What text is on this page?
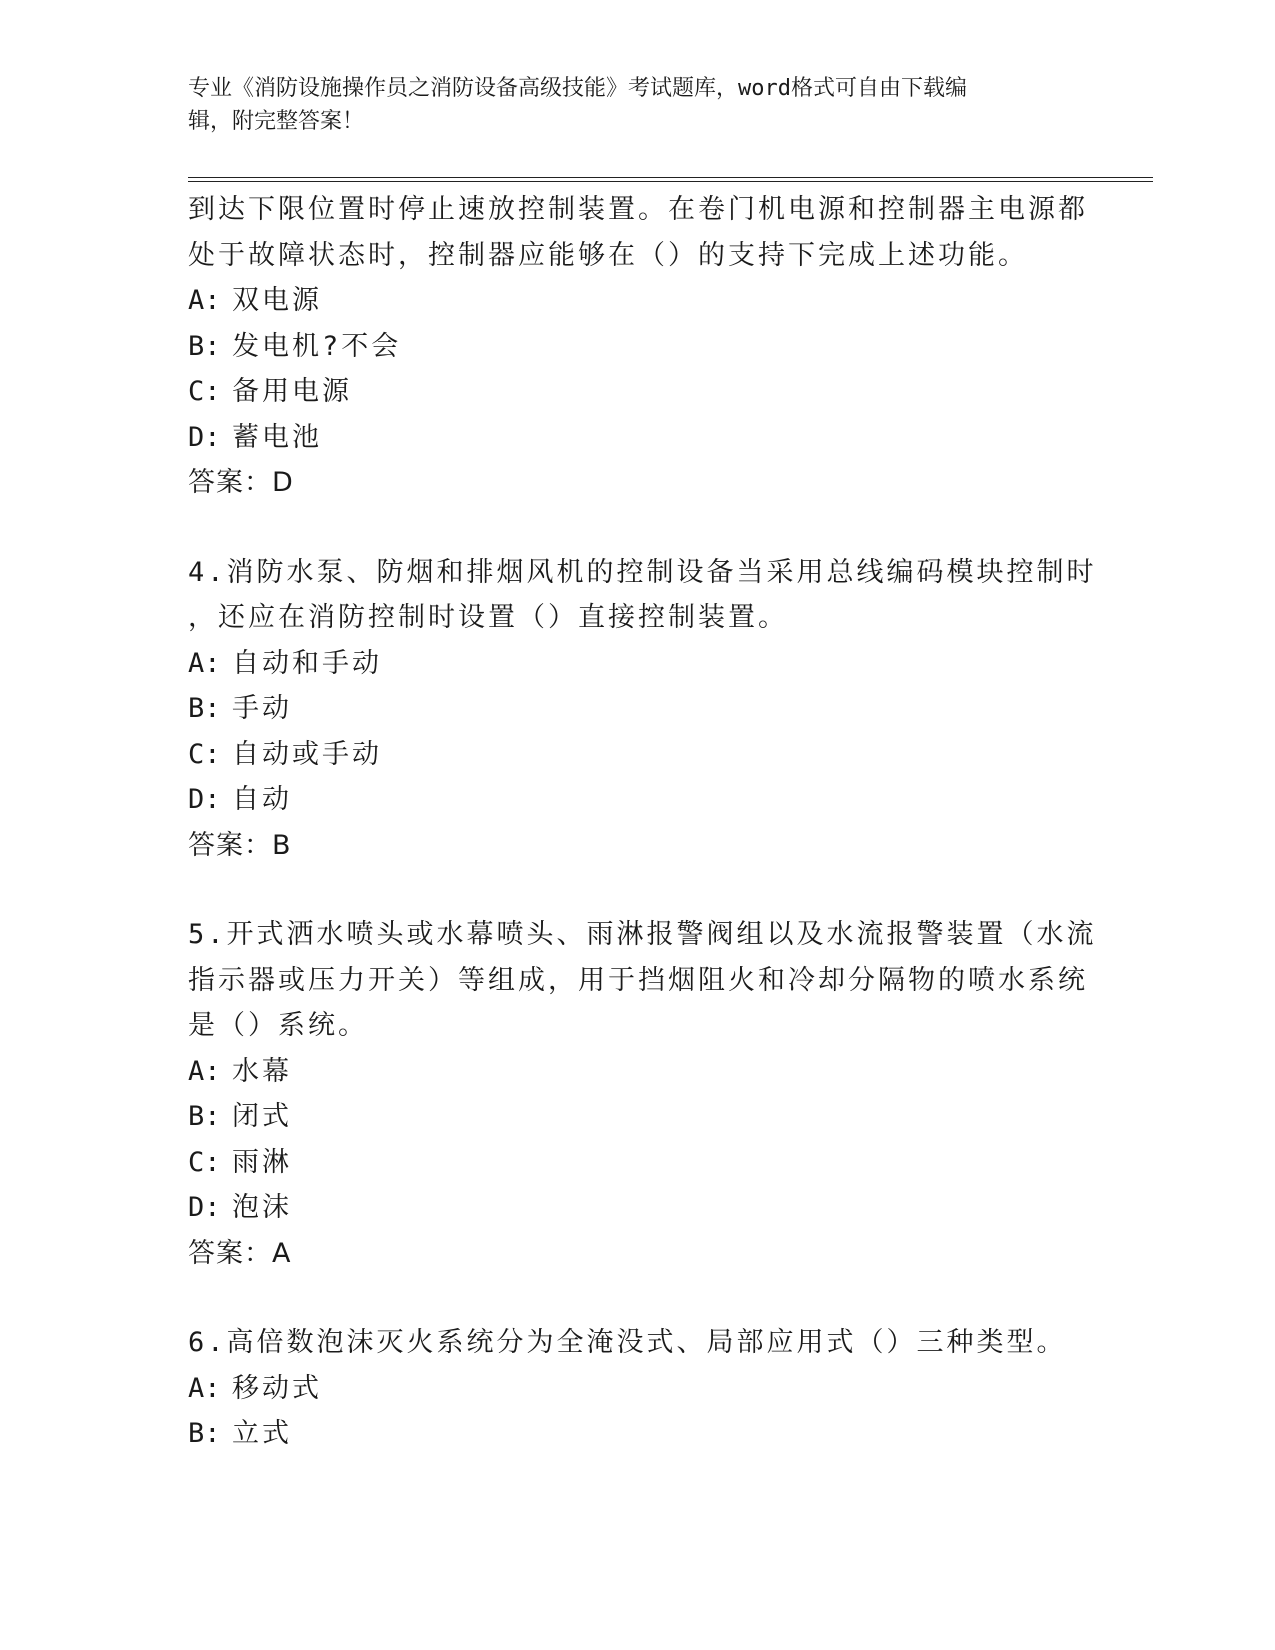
专业《消防设施操作员之消防设备高级技能》考试题库，word格式可自由下载编
辑，附完整答案！
到达下限位置时停止速放控制装置。在卷门机电源和控制器主电源都
处于故障状态时，控制器应能够在（）的支持下完成上述功能。
A: 双电源
B: 发电机?不会
C: 备用电源
D: 蓄电池
答案：D
4.消防水泵、防烟和排烟风机的控制设备当采用总线编码模块控制时
，还应在消防控制时设置（）直接控制装置。
A: 自动和手动
B: 手动
C: 自动或手动
D: 自动
答案：B
5.开式洒水喷头或水幕喷头、雨淋报警阀组以及水流报警装置（水流
指示器或压力开关）等组成，用于挡烟阻火和冷却分隔物的喷水系统
是（）系统。
A: 水幕
B: 闭式
C: 雨淋
D: 泡沫
答案：A
6.高倍数泡沫灭火系统分为全淹没式、局部应用式（）三种类型。
A: 移动式
B: 立式
